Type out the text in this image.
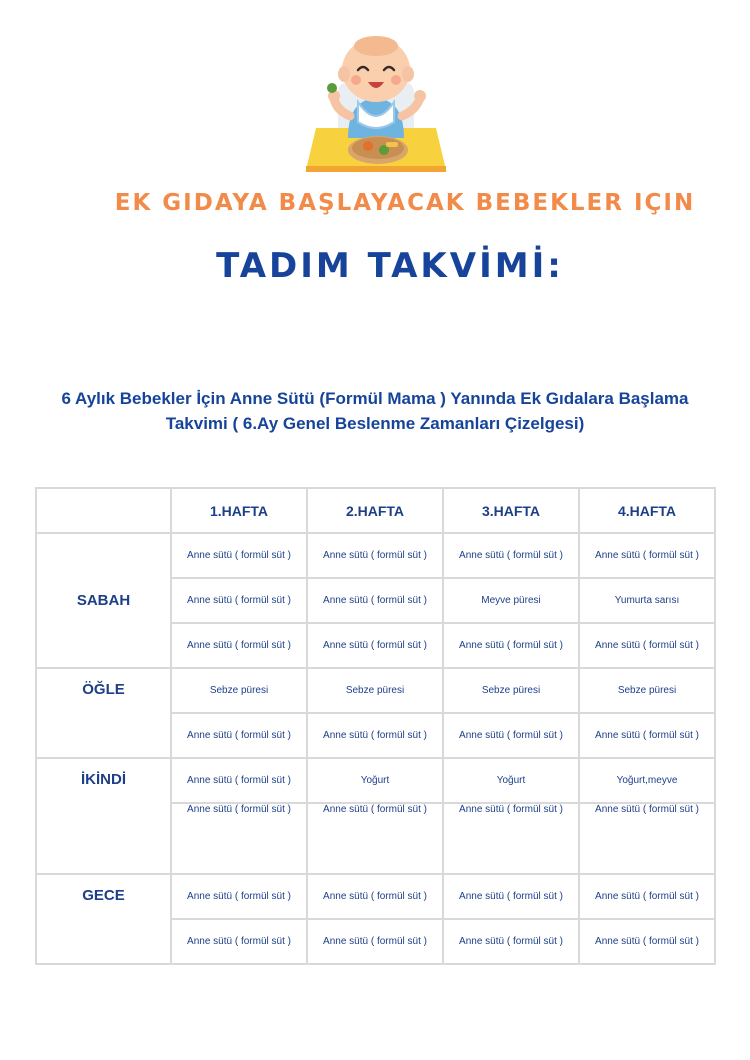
EK GIDAYA BAŞLAYACAK BEBEKLER IÇIN
TADIM TAKVİMİ:
6 Aylık Bebekler İçin Anne Sütü (Formül Mama ) Yanında Ek Gıdalara Başlama
Takvimi ( 6.Ay Genel Beslenme Zamanları Çizelgesi)
	1.HAFTA	2.HAFTA	3.HAFTA	4.HAFTA

SABAH	Anne sütü ( formül süt )	Anne sütü ( formül süt )	Anne sütü ( formül süt )	Anne sütü ( formül süt )
	Anne sütü ( formül süt )	Anne sütü ( formül süt )	Meyve püresi	Yumurta sarısı
	Anne sütü ( formül süt )	Anne sütü ( formül süt )	Anne sütü ( formül süt )	Anne sütü ( formül süt )

ÖĞLE	Sebze püresi	Sebze püresi	Sebze püresi	Sebze püresi
	Anne sütü ( formül süt )	Anne sütü ( formül süt )	Anne sütü ( formül süt )	Anne sütü ( formül süt )

İKİNDİ	Anne sütü ( formül süt )	Yoğurt	Yoğurt	Yoğurt,meyve
	Anne sütü ( formül süt )	Anne sütü ( formül süt )	Anne sütü ( formül süt )	Anne sütü ( formül süt )

GECE	Anne sütü ( formül süt )	Anne sütü ( formül süt )	Anne sütü ( formül süt )	Anne sütü ( formül süt )
	Anne sütü ( formül süt )	Anne sütü ( formül süt )	Anne sütü ( formül süt )	Anne sütü ( formül süt )
